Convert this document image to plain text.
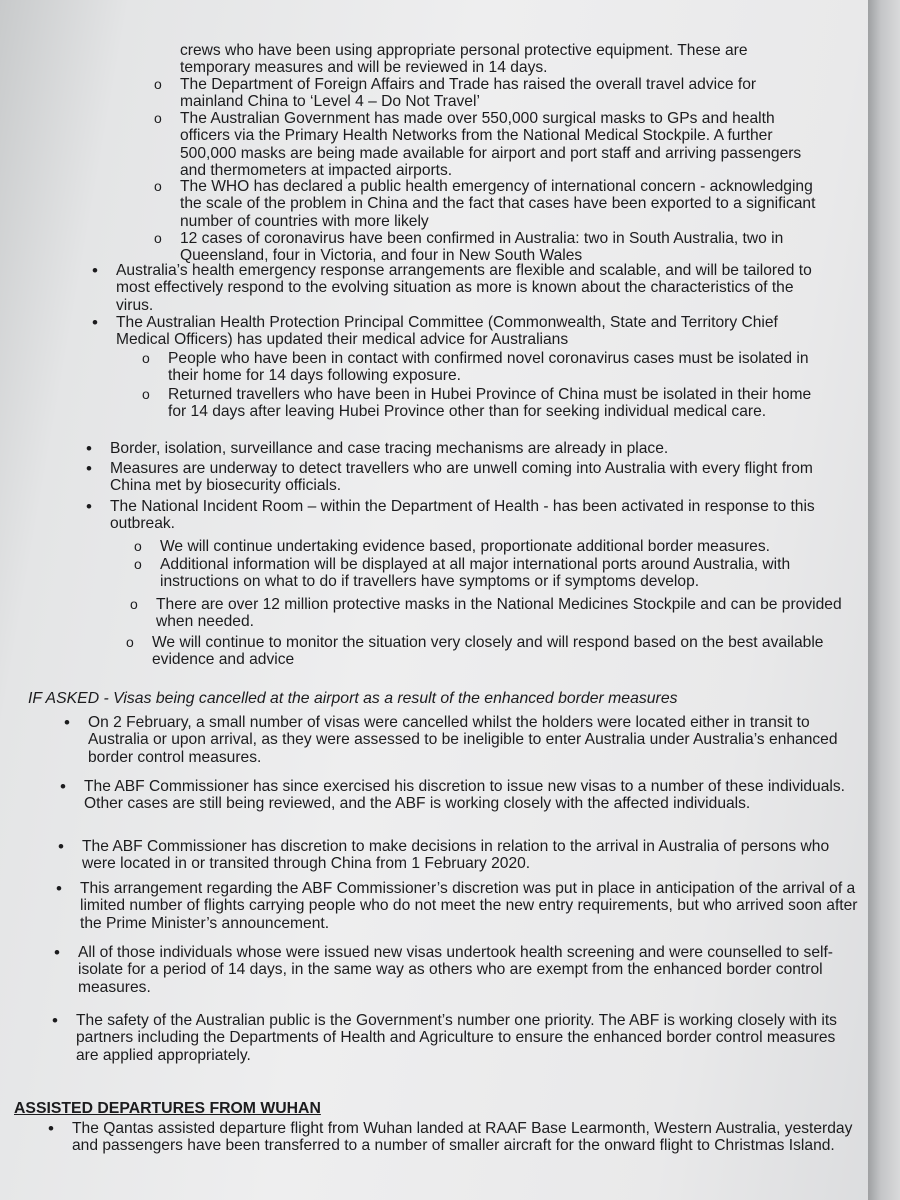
crews who have been using appropriate personal protective equipment. These are temporary measures and will be reviewed in 14 days.
o The Department of Foreign Affairs and Trade has raised the overall travel advice for mainland China to ‘Level 4 – Do Not Travel’
o The Australian Government has made over 550,000 surgical masks to GPs and health officers via the Primary Health Networks from the National Medical Stockpile. A further 500,000 masks are being made available for airport and port staff and arriving passengers and thermometers at impacted airports.
o The WHO has declared a public health emergency of international concern - acknowledging the scale of the problem in China and the fact that cases have been exported to a significant number of countries with more likely
o 12 cases of coronavirus have been confirmed in Australia: two in South Australia, two in Queensland, four in Victoria, and four in New South Wales
• Australia’s health emergency response arrangements are flexible and scalable, and will be tailored to most effectively respond to the evolving situation as more is known about the characteristics of the virus.
• The Australian Health Protection Principal Committee (Commonwealth, State and Territory Chief Medical Officers) has updated their medical advice for Australians
o People who have been in contact with confirmed novel coronavirus cases must be isolated in their home for 14 days following exposure.
o Returned travellers who have been in Hubei Province of China must be isolated in their home for 14 days after leaving Hubei Province other than for seeking individual medical care.
• Border, isolation, surveillance and case tracing mechanisms are already in place.
• Measures are underway to detect travellers who are unwell coming into Australia with every flight from China met by biosecurity officials.
• The National Incident Room – within the Department of Health - has been activated in response to this outbreak.
o We will continue undertaking evidence based, proportionate additional border measures.
o Additional information will be displayed at all major international ports around Australia, with instructions on what to do if travellers have symptoms or if symptoms develop.
o There are over 12 million protective masks in the National Medicines Stockpile and can be provided when needed.
o We will continue to monitor the situation very closely and will respond based on the best available evidence and advice
IF ASKED - Visas being cancelled at the airport as a result of the enhanced border measures
• On 2 February, a small number of visas were cancelled whilst the holders were located either in transit to Australia or upon arrival, as they were assessed to be ineligible to enter Australia under Australia’s enhanced border control measures.
• The ABF Commissioner has since exercised his discretion to issue new visas to a number of these individuals. Other cases are still being reviewed, and the ABF is working closely with the affected individuals.
• The ABF Commissioner has discretion to make decisions in relation to the arrival in Australia of persons who were located in or transited through China from 1 February 2020.
• This arrangement regarding the ABF Commissioner’s discretion was put in place in anticipation of the arrival of a limited number of flights carrying people who do not meet the new entry requirements, but who arrived soon after the Prime Minister’s announcement.
• All of those individuals whose were issued new visas undertook health screening and were counselled to self-isolate for a period of 14 days, in the same way as others who are exempt from the enhanced border control measures.
• The safety of the Australian public is the Government’s number one priority. The ABF is working closely with its partners including the Departments of Health and Agriculture to ensure the enhanced border control measures are applied appropriately.
ASSISTED DEPARTURES FROM WUHAN
• The Qantas assisted departure flight from Wuhan landed at RAAF Base Learmonth, Western Australia, yesterday and passengers have been transferred to a number of smaller aircraft for the onward flight to Christmas Island.
